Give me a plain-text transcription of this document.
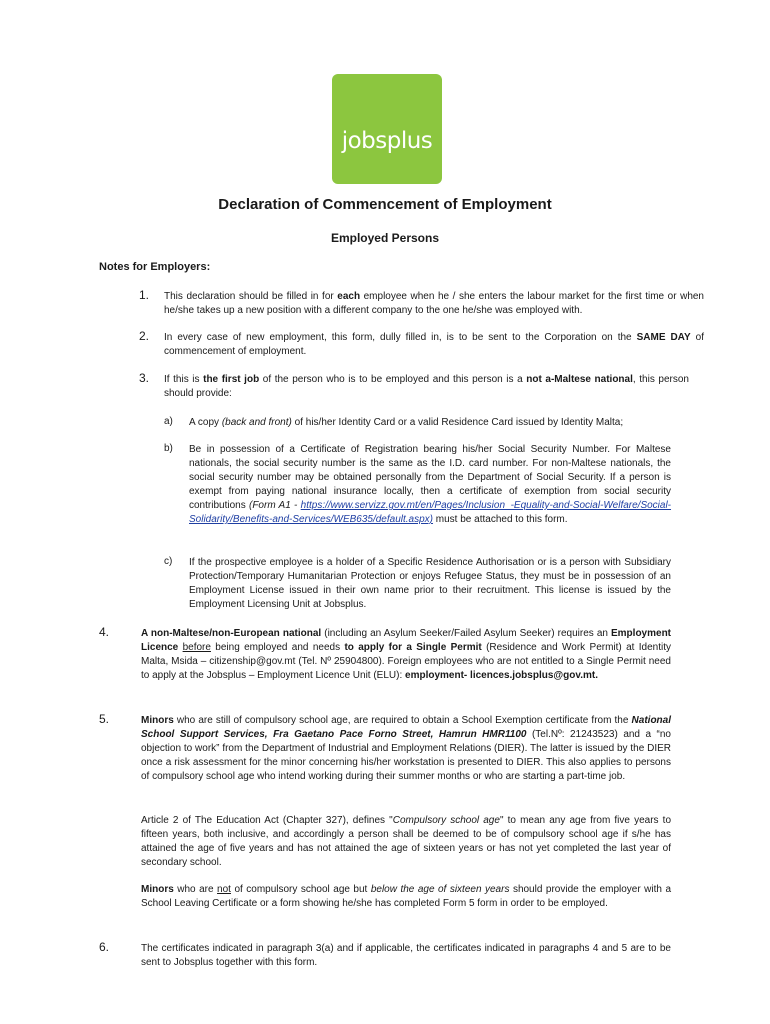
jobsplus
Declaration of Commencement of Employment
Employed Persons
Notes for Employers:
1. This declaration should be filled in for each employee when he / she enters the labour market for the first time or when he/she takes up a new position with a different company to the one he/she was employed with.
2. In every case of new employment, this form, dully filled in, is to be sent to the Corporation on the SAME DAY of commencement of employment.
3. If this is the first job of the person who is to be employed and this person is a not a-Maltese national, this person should provide:
a) A copy (back and front) of his/her Identity Card or a valid Residence Card issued by Identity Malta;
b) Be in possession of a Certificate of Registration bearing his/her Social Security Number. For Maltese nationals, the social security number is the same as the I.D. card number. For non-Maltese nationals, the social security number may be obtained personally from the Department of Social Security. If a person is exempt from paying national insurance locally, then a certificate of exemption from social security contributions (Form A1 - https://www.servizz.gov.mt/en/Pages/Inclusion_-Equality-and-Social-Welfare/Social-Solidarity/Benefits-and-Services/WEB635/default.aspx) must be attached to this form.
c) If the prospective employee is a holder of a Specific Residence Authorisation or is a person with Subsidiary Protection/Temporary Humanitarian Protection or enjoys Refugee Status, they must be in possession of an Employment License issued in their own name prior to their recruitment. This license is issued by the Employment Licensing Unit at Jobsplus.
4.	A non-Maltese/non-European national (including an Asylum Seeker/Failed Asylum Seeker) requires an Employment Licence before being employed and needs to apply for a Single Permit (Residence and Work Permit) at Identity Malta, Msida – citizenship@gov.mt (Tel. Nº 25904800). Foreign employees who are not entitled to a Single Permit need to apply at the Jobsplus – Employment Licence Unit (ELU): employment- licences.jobsplus@gov.mt.
5.	Minors who are still of compulsory school age, are required to obtain a School Exemption certificate from the National School Support Services, Fra Gaetano Pace Forno Street, Hamrun HMR1100 (Tel.Nº: 21243523) and a “no objection to work” from the Department of Industrial and Employment Relations (DIER). The latter is issued by the DIER once a risk assessment for the minor concerning his/her workstation is presented to DIER. This also applies to persons of compulsory school age who intend working during their summer months or who are starting a part-time job.
Article 2 of The Education Act (Chapter 327), defines "Compulsory school age" to mean any age from five years to fifteen years, both inclusive, and accordingly a person shall be deemed to be of compulsory school age if s/he has attained the age of five years and has not attained the age of sixteen years or has not yet completed the last year of secondary school.
Minors who are not of compulsory school age but below the age of sixteen years should provide the employer with a School Leaving Certificate or a form showing he/she has completed Form 5 form in order to be employed.
6.	The certificates indicated in paragraph 3(a) and if applicable, the certificates indicated in paragraphs 4 and 5 are to be sent to Jobsplus together with this form.
